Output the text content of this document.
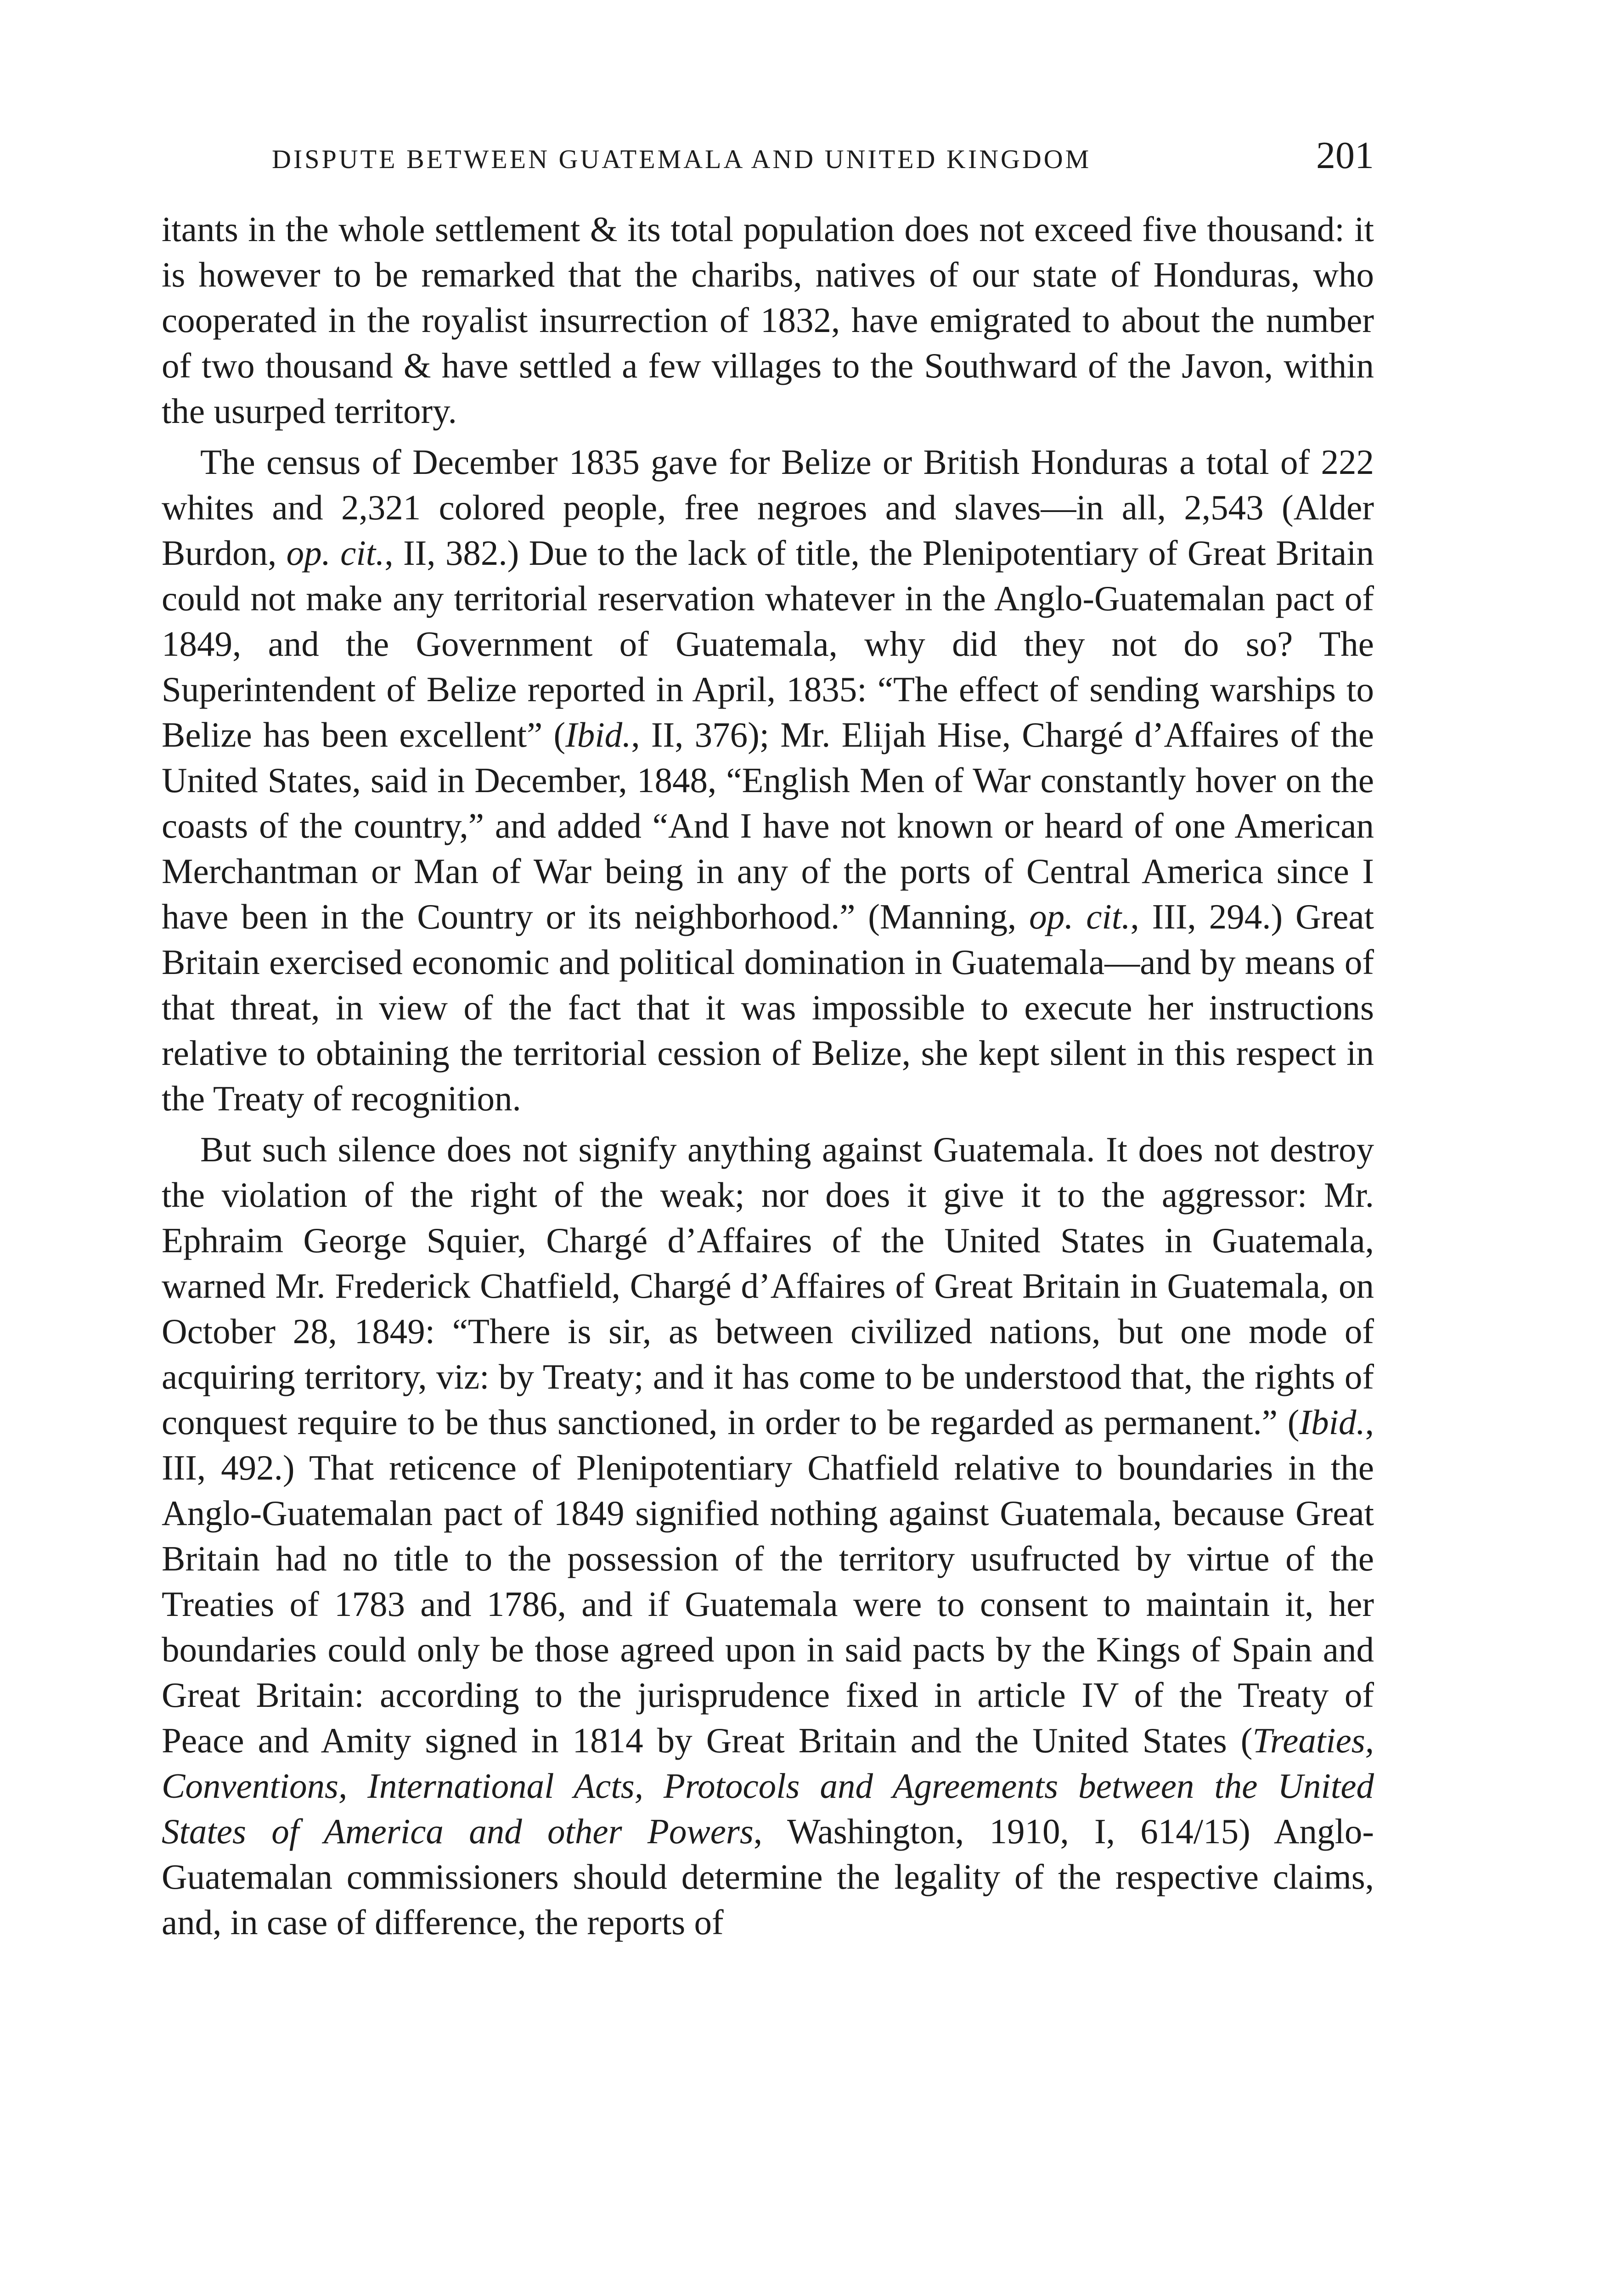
DISPUTE BETWEEN GUATEMALA AND UNITED KINGDOM	201

itants in the whole settlement & its total population does not exceed five thousand: it is however to be remarked that the charibs, natives of our state of Honduras, who cooperated in the royalist insurrection of 1832, have emigrated to about the number of two thousand & have settled a few villages to the Southward of the Javon, within the usurped territory.

The census of December 1835 gave for Belize or British Honduras a total of 222 whites and 2,321 colored people, free negroes and slaves—in all, 2,543 (Alder Burdon, op. cit., II, 382.) Due to the lack of title, the Plenipotentiary of Great Britain could not make any territorial reservation whatever in the Anglo-Guatemalan pact of 1849, and the Government of Guatemala, why did they not do so? The Superintendent of Belize reported in April, 1835: “The effect of sending warships to Belize has been excellent” (Ibid., II, 376); Mr. Elijah Hise, Chargé d’Affaires of the United States, said in December, 1848, “English Men of War constantly hover on the coasts of the country,” and added “And I have not known or heard of one American Merchantman or Man of War being in any of the ports of Central America since I have been in the Country or its neighborhood.” (Manning, op. cit., III, 294.) Great Britain exercised economic and political domination in Guatemala—and by means of that threat, in view of the fact that it was impossible to execute her instructions relative to obtaining the territorial cession of Belize, she kept silent in this respect in the Treaty of recognition.

But such silence does not signify anything against Guatemala. It does not destroy the violation of the right of the weak; nor does it give it to the aggressor: Mr. Ephraim George Squier, Chargé d’Affaires of the United States in Guatemala, warned Mr. Frederick Chatfield, Chargé d’Affaires of Great Britain in Guatemala, on October 28, 1849: “There is sir, as between civilized nations, but one mode of acquiring territory, viz: by Treaty; and it has come to be understood that, the rights of conquest require to be thus sanctioned, in order to be regarded as permanent.” (Ibid., III, 492.) That reticence of Plenipotentiary Chatfield relative to boundaries in the Anglo-Guatemalan pact of 1849 signified nothing against Guatemala, because Great Britain had no title to the possession of the territory usufructed by virtue of the Treaties of 1783 and 1786, and if Guatemala were to consent to maintain it, her boundaries could only be those agreed upon in said pacts by the Kings of Spain and Great Britain: according to the jurisprudence fixed in article IV of the Treaty of Peace and Amity signed in 1814 by Great Britain and the United States (Treaties, Conventions, International Acts, Protocols and Agreements between the United States of America and other Powers, Washington, 1910, I, 614/15) Anglo-Guatemalan commissioners should determine the legality of the respective claims, and, in case of difference, the reports of
